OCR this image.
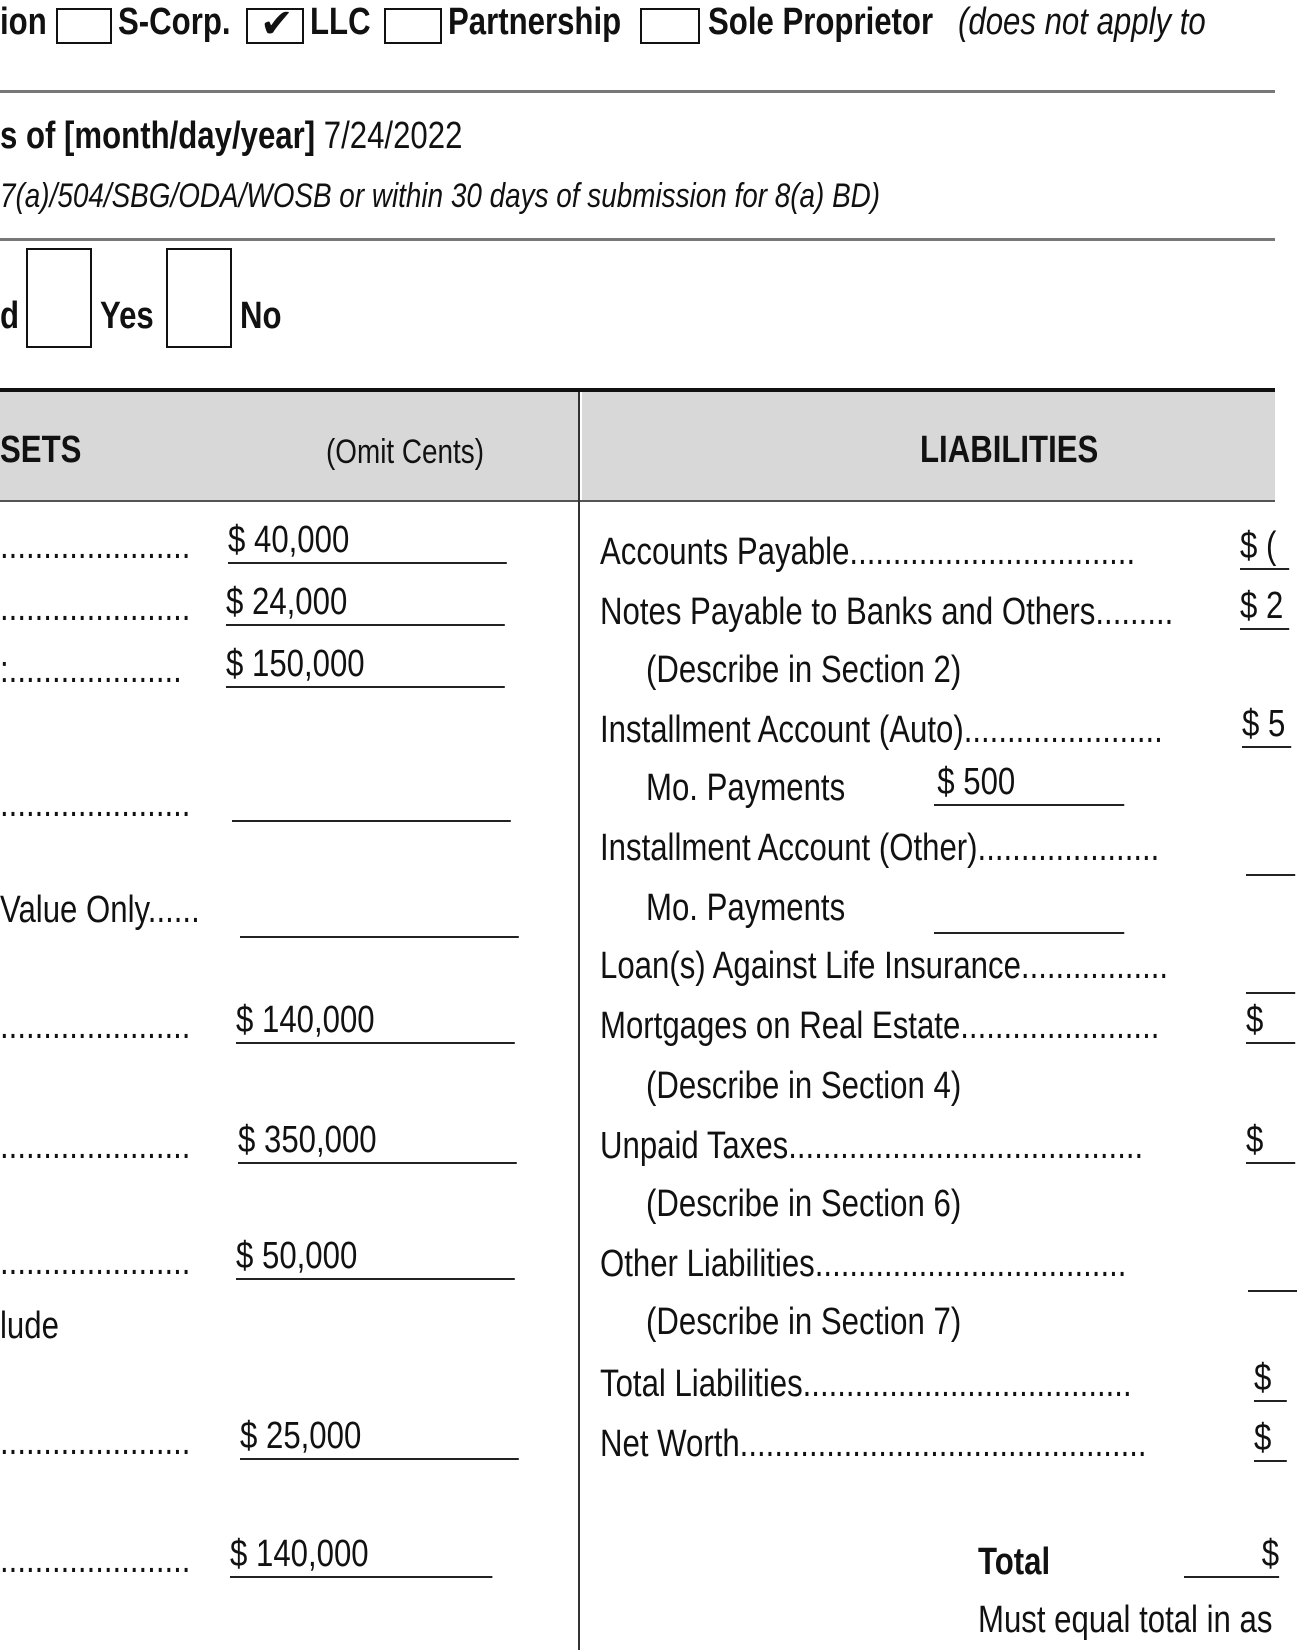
ion S-Corp. ✔ LLC Partnership Sole Proprietor (does not apply to
s of [month/day/year] 7/24/2022
7(a)/504/SBG/ODA/WOSB or within 30 days of submission for 8(a) BD)
d Yes No
SETS	(Omit Cents)	LIABILITIES
...................... $ 40,000
...................... $ 24,000
:....................	$ 150,000
......................
Value Only......
......................	$ 140,000
......................	$ 350,000
......................	$ 50,000
lude
......................	$ 25,000
......................	$ 140,000
Accounts Payable.................................	$ (
Notes Payable to Banks and Others.........	$ 2
(Describe in Section 2)
Installment Account (Auto).......................	$ 5
Mo. Payments $ 500
Installment Account (Other).....................
Mo. Payments
Loan(s) Against Life Insurance.................
Mortgages on Real Estate.......................	$
(Describe in Section 4)
Unpaid Taxes.........................................	$
(Describe in Section 6)
Other Liabilities....................................
(Describe in Section 7)
Total Liabilities......................................	$
Net Worth...............................................	$
Total	$
Must equal total in as
